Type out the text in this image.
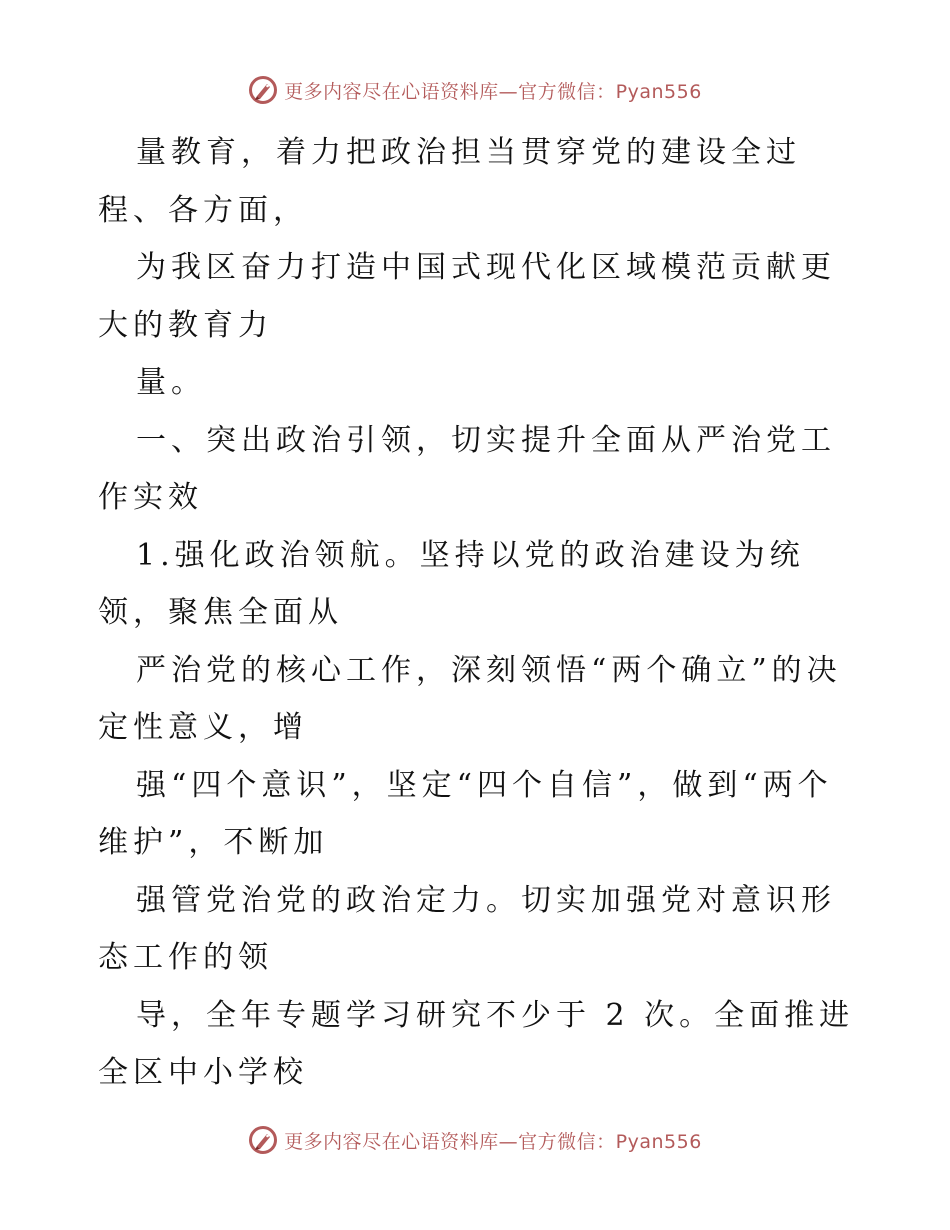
更多内容尽在心语资料库—官方微信：Pyan556

量教育，着力把政治担当贯穿党的建设全过程、各方面，

为我区奋力打造中国式现代化区域模范贡献更大的教育力

量。

一、突出政治引领，切实提升全面从严治党工作实效

1.强化政治领航。坚持以党的政治建设为统领，聚焦全面从

严治党的核心工作，深刻领悟“两个确立”的决定性意义，增

强“四个意识”，坚定“四个自信”，做到“两个维护”，不断加

强管党治党的政治定力。切实加强党对意识形态工作的领

导，全年专题学习研究不少于 2 次。全面推进全区中小学校

更多内容尽在心语资料库—官方微信：Pyan556
